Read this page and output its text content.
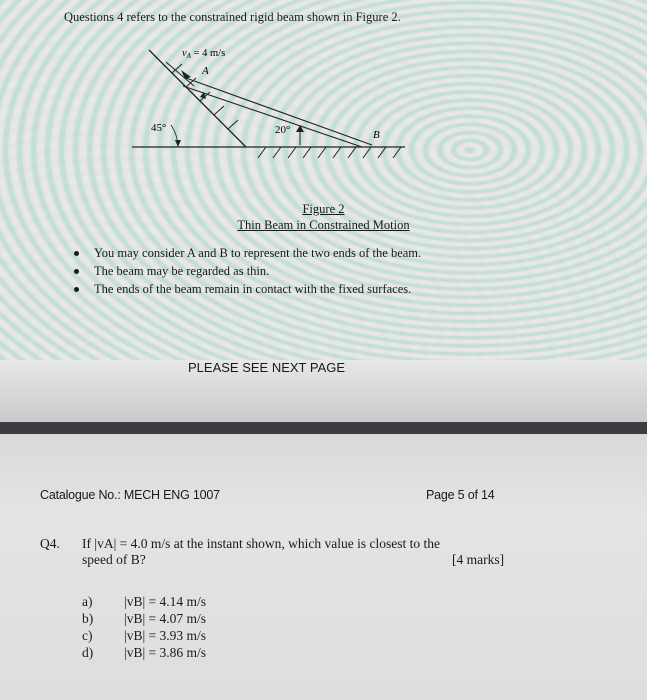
Questions 4 refers to the constrained rigid beam shown in Figure 2.
45°	20°
vA = 4 m/s
A
B
Figure 2
Thin Beam in Constrained Motion
You may consider A and B to represent the two ends of the beam.
The beam may be regarded as thin.
The ends of the beam remain in contact with the fixed surfaces.
PLEASE SEE NEXT PAGE
Catalogue No.: MECH ENG 1007	Page 5 of 14
Q4. If |vA| = 4.0 m/s at the instant shown, which value is closest to the
speed of B?	[4 marks]
a) |vB| = 4.14 m/s
b) |vB| = 4.07 m/s
c) |vB| = 3.93 m/s
d) |vB| = 3.86 m/s
